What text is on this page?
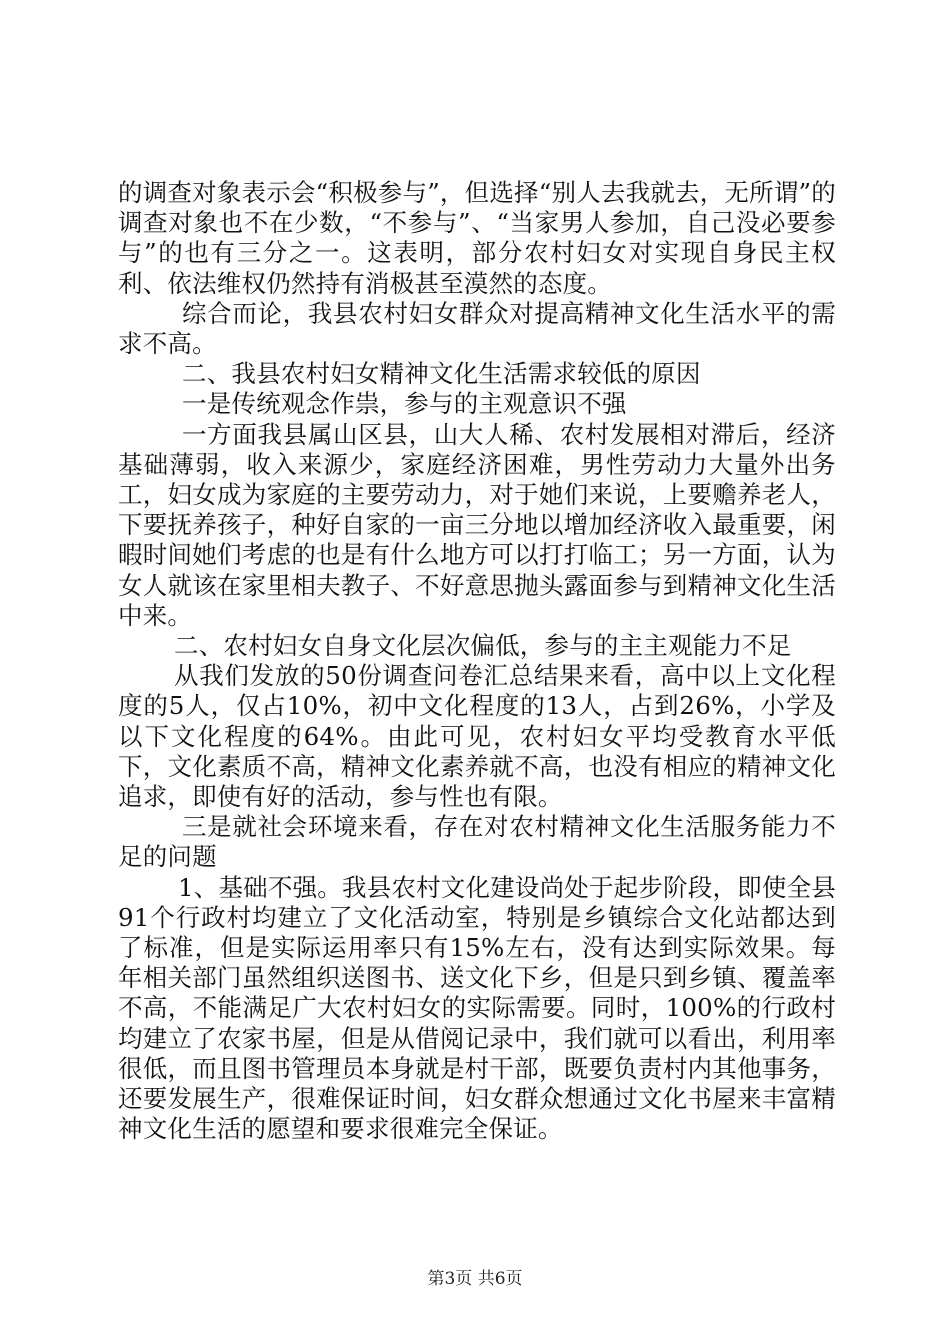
的调查对象表示会“积极参与”，但选择“别人去我就去，无所谓”的调查对象也不在少数，“不参与”、“当家男人参加，自己没必要参与”的也有三分之一。这表明，部分农村妇女对实现自身民主权利、依法维权仍然持有消极甚至漠然的态度。

综合而论，我县农村妇女群众对提高精神文化生活水平的需求不高。

二、我县农村妇女精神文化生活需求较低的原因

一是传统观念作祟，参与的主观意识不强

一方面我县属山区县，山大人稀、农村发展相对滞后，经济基础薄弱，收入来源少，家庭经济困难，男性劳动力大量外出务工，妇女成为家庭的主要劳动力，对于她们来说，上要赡养老人，下要抚养孩子，种好自家的一亩三分地以增加经济收入最重要，闲暇时间她们考虑的也是有什么地方可以打打临工；另一方面，认为女人就该在家里相夫教子、不好意思抛头露面参与到精神文化生活中来。

二、农村妇女自身文化层次偏低，参与的主主观能力不足

从我们发放的50份调查问卷汇总结果来看，高中以上文化程度的5人，仅占10%，初中文化程度的13人，占到26%，小学及以下文化程度的64%。由此可见，农村妇女平均受教育水平低下，文化素质不高，精神文化素养就不高，也没有相应的精神文化追求，即使有好的活动，参与性也有限。

三是就社会环境来看，存在对农村精神文化生活服务能力不足的问题

1、基础不强。我县农村文化建设尚处于起步阶段，即使全县91个行政村均建立了文化活动室，特别是乡镇综合文化站都达到了标准，但是实际运用率只有15%左右，没有达到实际效果。每年相关部门虽然组织送图书、送文化下乡，但是只到乡镇、覆盖率不高，不能满足广大农村妇女的实际需要。同时，100%的行政村均建立了农家书屋，但是从借阅记录中，我们就可以看出，利用率很低，而且图书管理员本身就是村干部，既要负责村内其他事务，还要发展生产，很难保证时间，妇女群众想通过文化书屋来丰富精神文化生活的愿望和要求很难完全保证。

第3页 共6页
